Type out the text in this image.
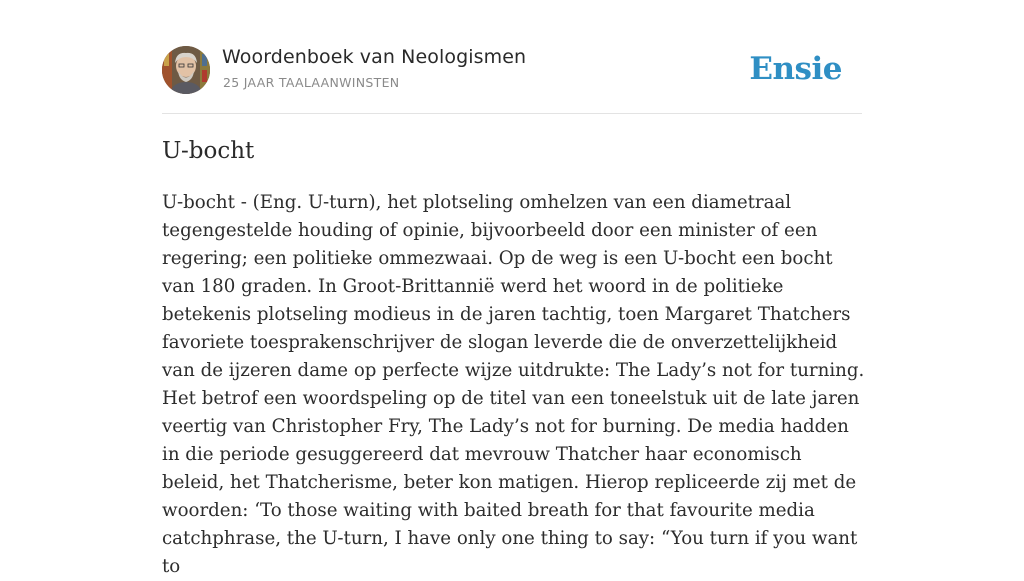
Woordenboek van Neologismen
25 JAAR TAALAANWINSTEN	Ensie
U-bocht
U-bocht - (Eng. U-turn), het plotseling omhelzen van een diametraal tegengestelde houding of opinie, bijvoorbeeld door een minister of een regering; een politieke ommezwaai. Op de weg is een U-bocht een bocht van 180 graden. In Groot-Brittannië werd het woord in de politieke betekenis plotseling modieus in de jaren tachtig, toen Margaret Thatchers favoriete toesprakenschrijver de slogan leverde die de onverzettelijkheid van de ijzeren dame op perfecte wijze uitdrukte: The Lady’s not for turning. Het betrof een woordspeling op de titel van een toneelstuk uit de late jaren veertig van Christopher Fry, The Lady’s not for burning. De media hadden in die periode gesuggereerd dat mevrouw Thatcher haar economisch beleid, het Thatcherisme, beter kon matigen. Hierop repliceerde zij met de woorden: ‘To those waiting with baited breath for that favourite media catchphrase, the U-turn, I have only one thing to say: “You turn if you want to
